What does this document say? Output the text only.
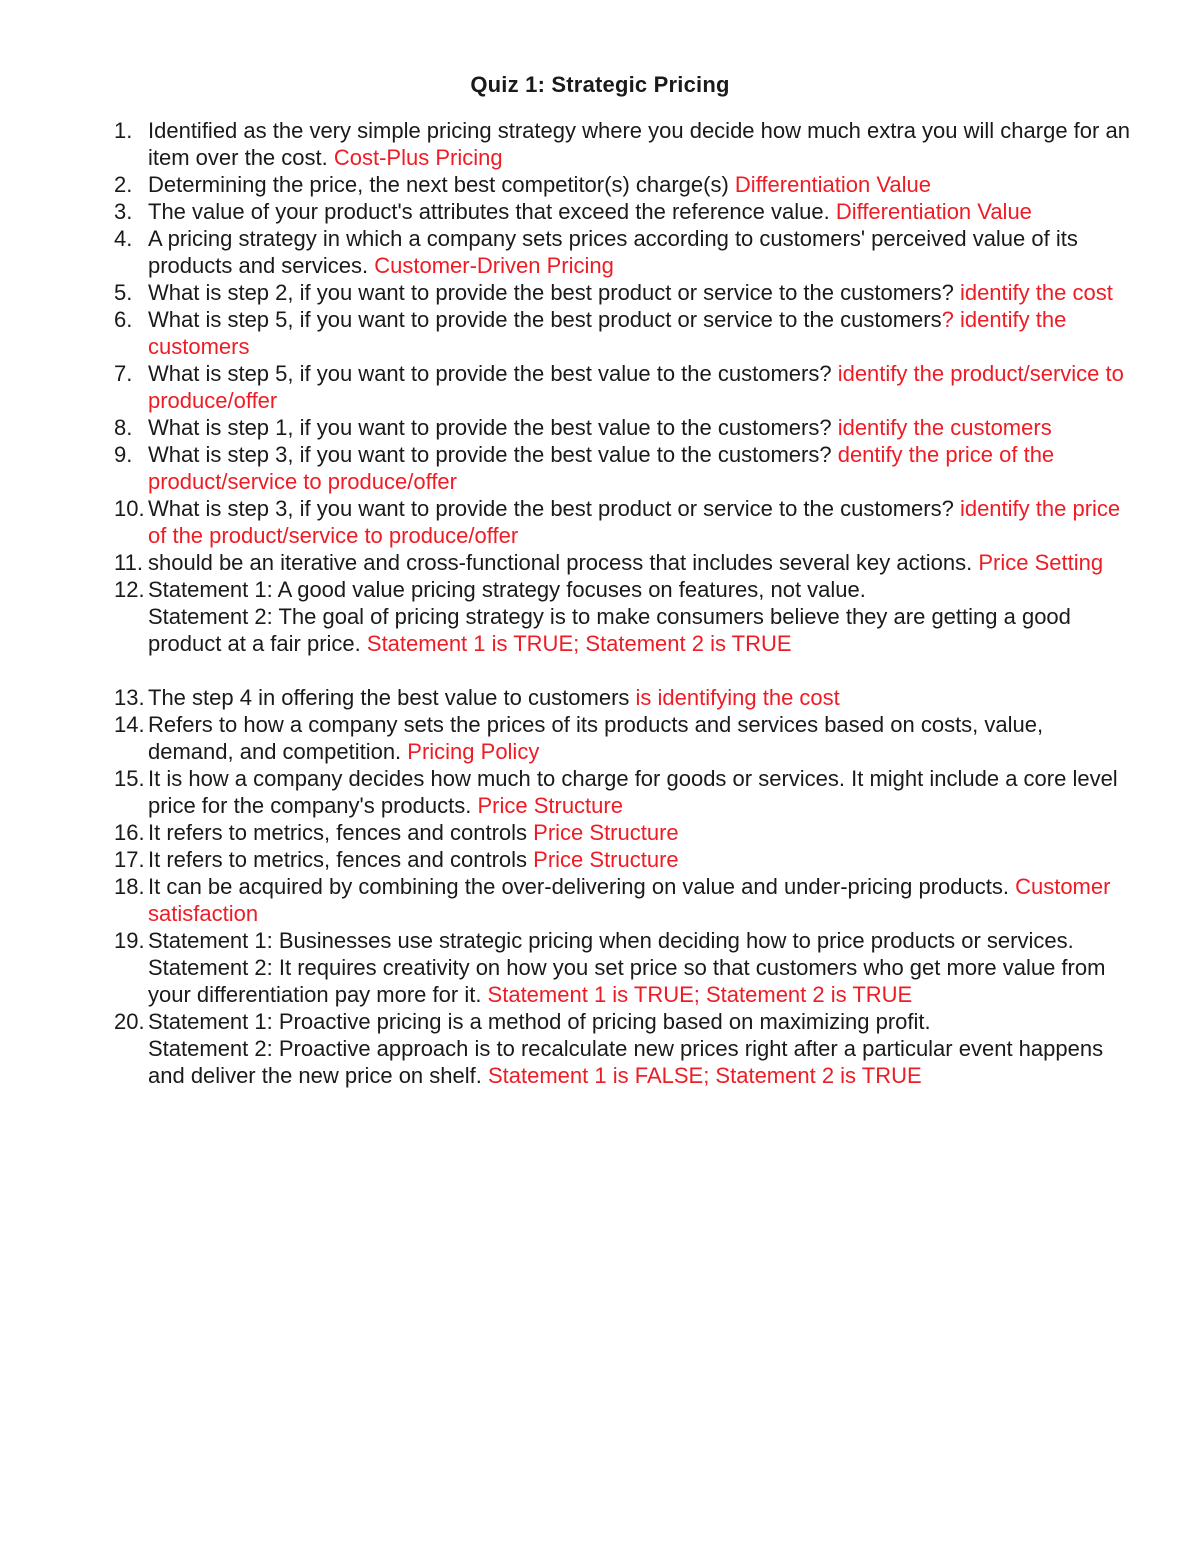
Quiz 1: Strategic Pricing
1. Identified as the very simple pricing strategy where you decide how much extra you will charge for an item over the cost. Cost-Plus Pricing
2. Determining the price, the next best competitor(s) charge(s) Differentiation Value
3. The value of your product's attributes that exceed the reference value. Differentiation Value
4. A pricing strategy in which a company sets prices according to customers' perceived value of its products and services. Customer-Driven Pricing
5. What is step 2, if you want to provide the best product or service to the customers? identify the cost
6. What is step 5, if you want to provide the best product or service to the customers? identify the customers
7. What is step 5, if you want to provide the best value to the customers? identify the product/service to produce/offer
8. What is step 1, if you want to provide the best value to the customers? identify the customers
9. What is step 3, if you want to provide the best value to the customers? dentify the price of the product/service to produce/offer
10. What is step 3, if you want to provide the best product or service to the customers? identify the price of the product/service to produce/offer
11. should be an iterative and cross-functional process that includes several key actions. Price Setting
12. Statement 1: A good value pricing strategy focuses on features, not value.
Statement 2: The goal of pricing strategy is to make consumers believe they are getting a good product at a fair price. Statement 1 is TRUE; Statement 2 is TRUE
13. The step 4 in offering the best value to customers is identifying the cost
14. Refers to how a company sets the prices of its products and services based on costs, value, demand, and competition. Pricing Policy
15. It is how a company decides how much to charge for goods or services. It might include a core level price for the company's products. Price Structure
16. It refers to metrics, fences and controls Price Structure
17. It refers to metrics, fences and controls Price Structure
18. It can be acquired by combining the over-delivering on value and under-pricing products. Customer satisfaction
19. Statement 1: Businesses use strategic pricing when deciding how to price products or services.
Statement 2: It requires creativity on how you set price so that customers who get more value from your differentiation pay more for it. Statement 1 is TRUE; Statement 2 is TRUE
20. Statement 1: Proactive pricing is a method of pricing based on maximizing profit.
Statement 2: Proactive approach is to recalculate new prices right after a particular event happens and deliver the new price on shelf. Statement 1 is FALSE; Statement 2 is TRUE
